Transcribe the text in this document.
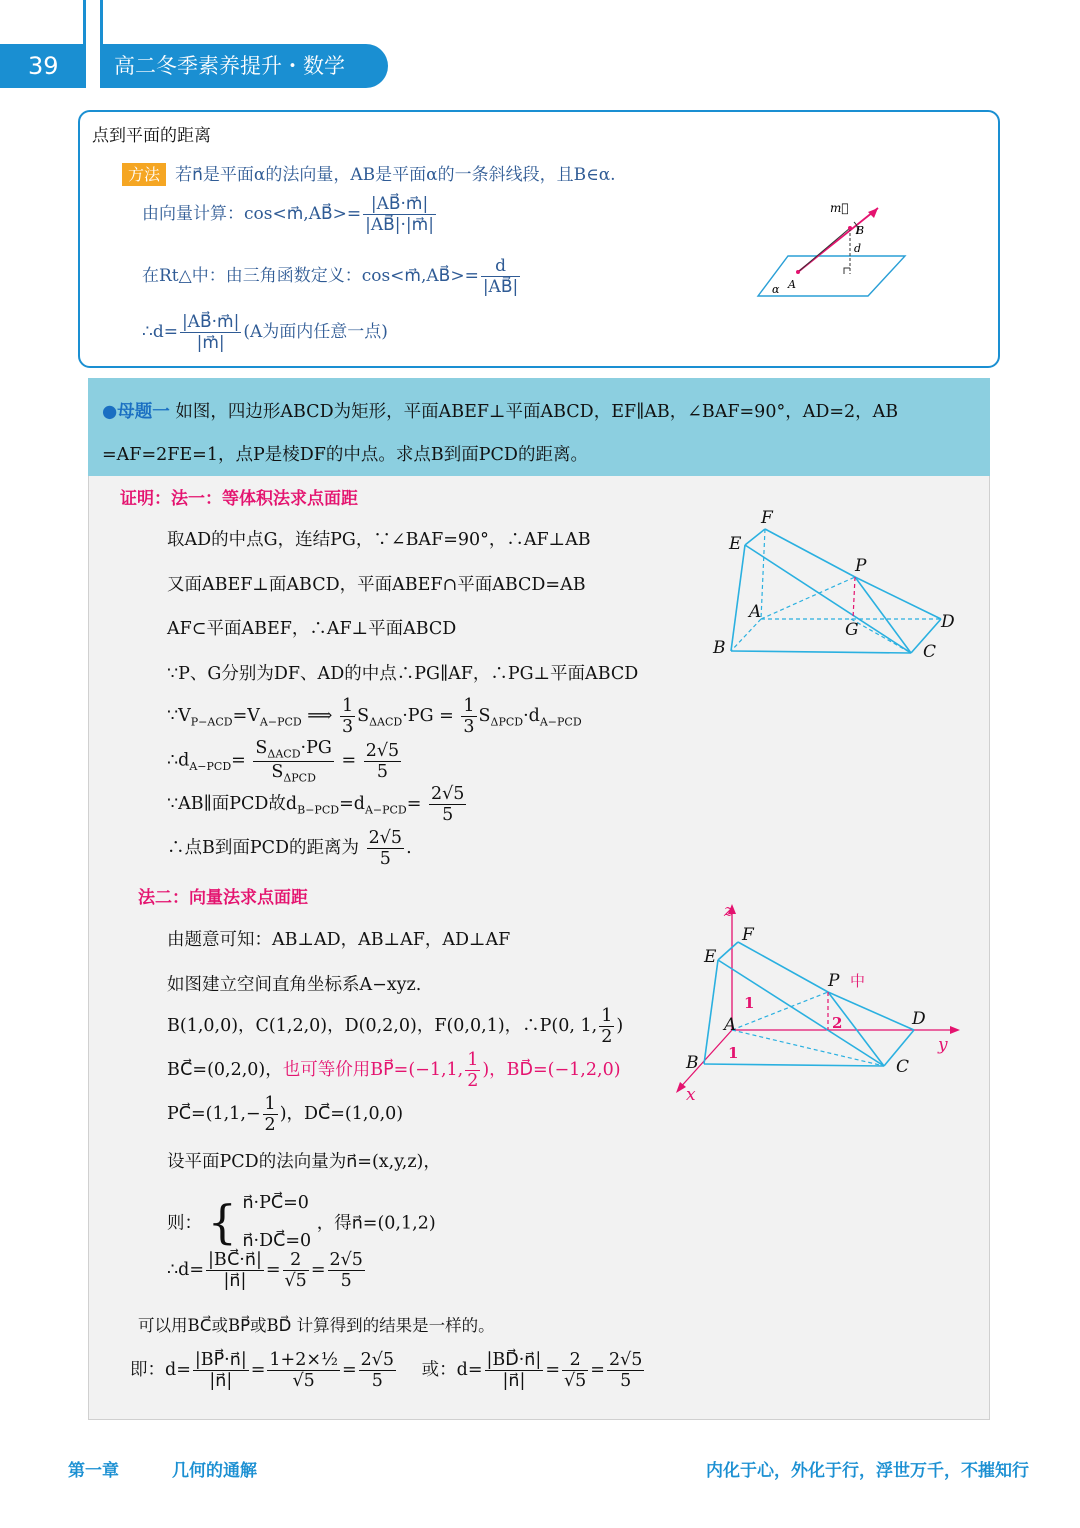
39	高二冬季素养提升・数学
点到平面的距离
方法 若n⃗是平面α的法向量，AB是平面α的一条斜线段，且B∈α.
由向量计算：cos<m⃗,AB⃗>= $\frac{|AB⃗\cdot m⃗|}{|AB⃗|\cdot|m⃗|}$
在Rt△中：由三角函数定义：cos<m⃗,AB⃗>= $\frac{d}{|AB⃗|}$
∴d= $\frac{|AB⃗\cdot m⃗|}{|m⃗|} (A$为面内任意一点)
m⃗
B
d
A
α
●母题一 如图，四边形ABCD为矩形，平面ABEF⊥平面ABCD，EF∥AB，∠BAF=90°，AD=2，AB
=AF=2FE=1，点P是棱DF的中点。求点B到面PCD的距离。
证明：法一：等体积法求点面距
取AD的中点G，连结PG，∵∠BAF=90°，∴AF⊥AB
又面ABEF⊥面ABCD，平面ABEF∩平面ABCD=AB
AF⊂平面ABEF，∴AF⊥平面ABCD
∵P、G分别为DF、AD的中点∴PG∥AF，∴PG⊥平面ABCD
$\because V_{P-ACD}=V_{A-PCD}$ ⟹ $\frac{1}{3} S_{\Delta ACD}\cdot PG = \frac{1}{3} S_{\Delta PCD}\cdot d_{A-PCD}$
$\therefore d_{A-PCD}= \frac{S_{\Delta ACD}\cdot PG}{S_{\Delta PCD}} = \frac{2√5}{5}$
∵AB∥面PCD故$d_{B-PCD}=d_{A-PCD}= \frac{2√5}{5}$
∴点B到面PCD的距离为 $\frac{2√5}{5}$ .
F
E
P
A
G	D
B	C
法二：向量法求点面距
由题意可知：AB⊥AD，AB⊥AF，AD⊥AF
如图建立空间直角坐标系A−xyz.
B(1,0,0)，C(1,2,0)，D(0,2,0)，F(0,0,1)，∴P(0, 1, $\frac{1}{2}$ )
BC⃗=(0,2,0)，也可等价用BP⃗=(−1,1, $\frac{1}{2}$ )，BD⃗=(−1,2,0)
PC⃗=(1,1,− $\frac{1}{2}$ )，DC⃗=(1,0,0)
设平面PCD的法向量为n⃗=(x,y,z)，
则： { n⃗·PC⃗=0
n⃗·DC⃗=0
，得n⃗=(0,1,2)
∴d= $\frac{|BC⃗\cdot n⃗|}{|n⃗|} = \frac{2}{√5} = \frac{2√5}{5}$
可以用BC⃗或BP⃗或BD⃗ 计算得到的结果是一样的。
即：$d= \frac{|BP⃗\cdot n⃗|}{|n⃗|} = \frac{\text{1+2×½}}{√5} = \frac{2√5}{5}$ 或：$d= \frac{|BD⃗\cdot n⃗|}{|n⃗|} = \frac{2}{√5} = \frac{2√5}{5}$
z
F
E
P 中
1
2	D
y
A
1
B	C
x
第一章	几何的通解	内化于心，外化于行，浮世万千，不摧知行
